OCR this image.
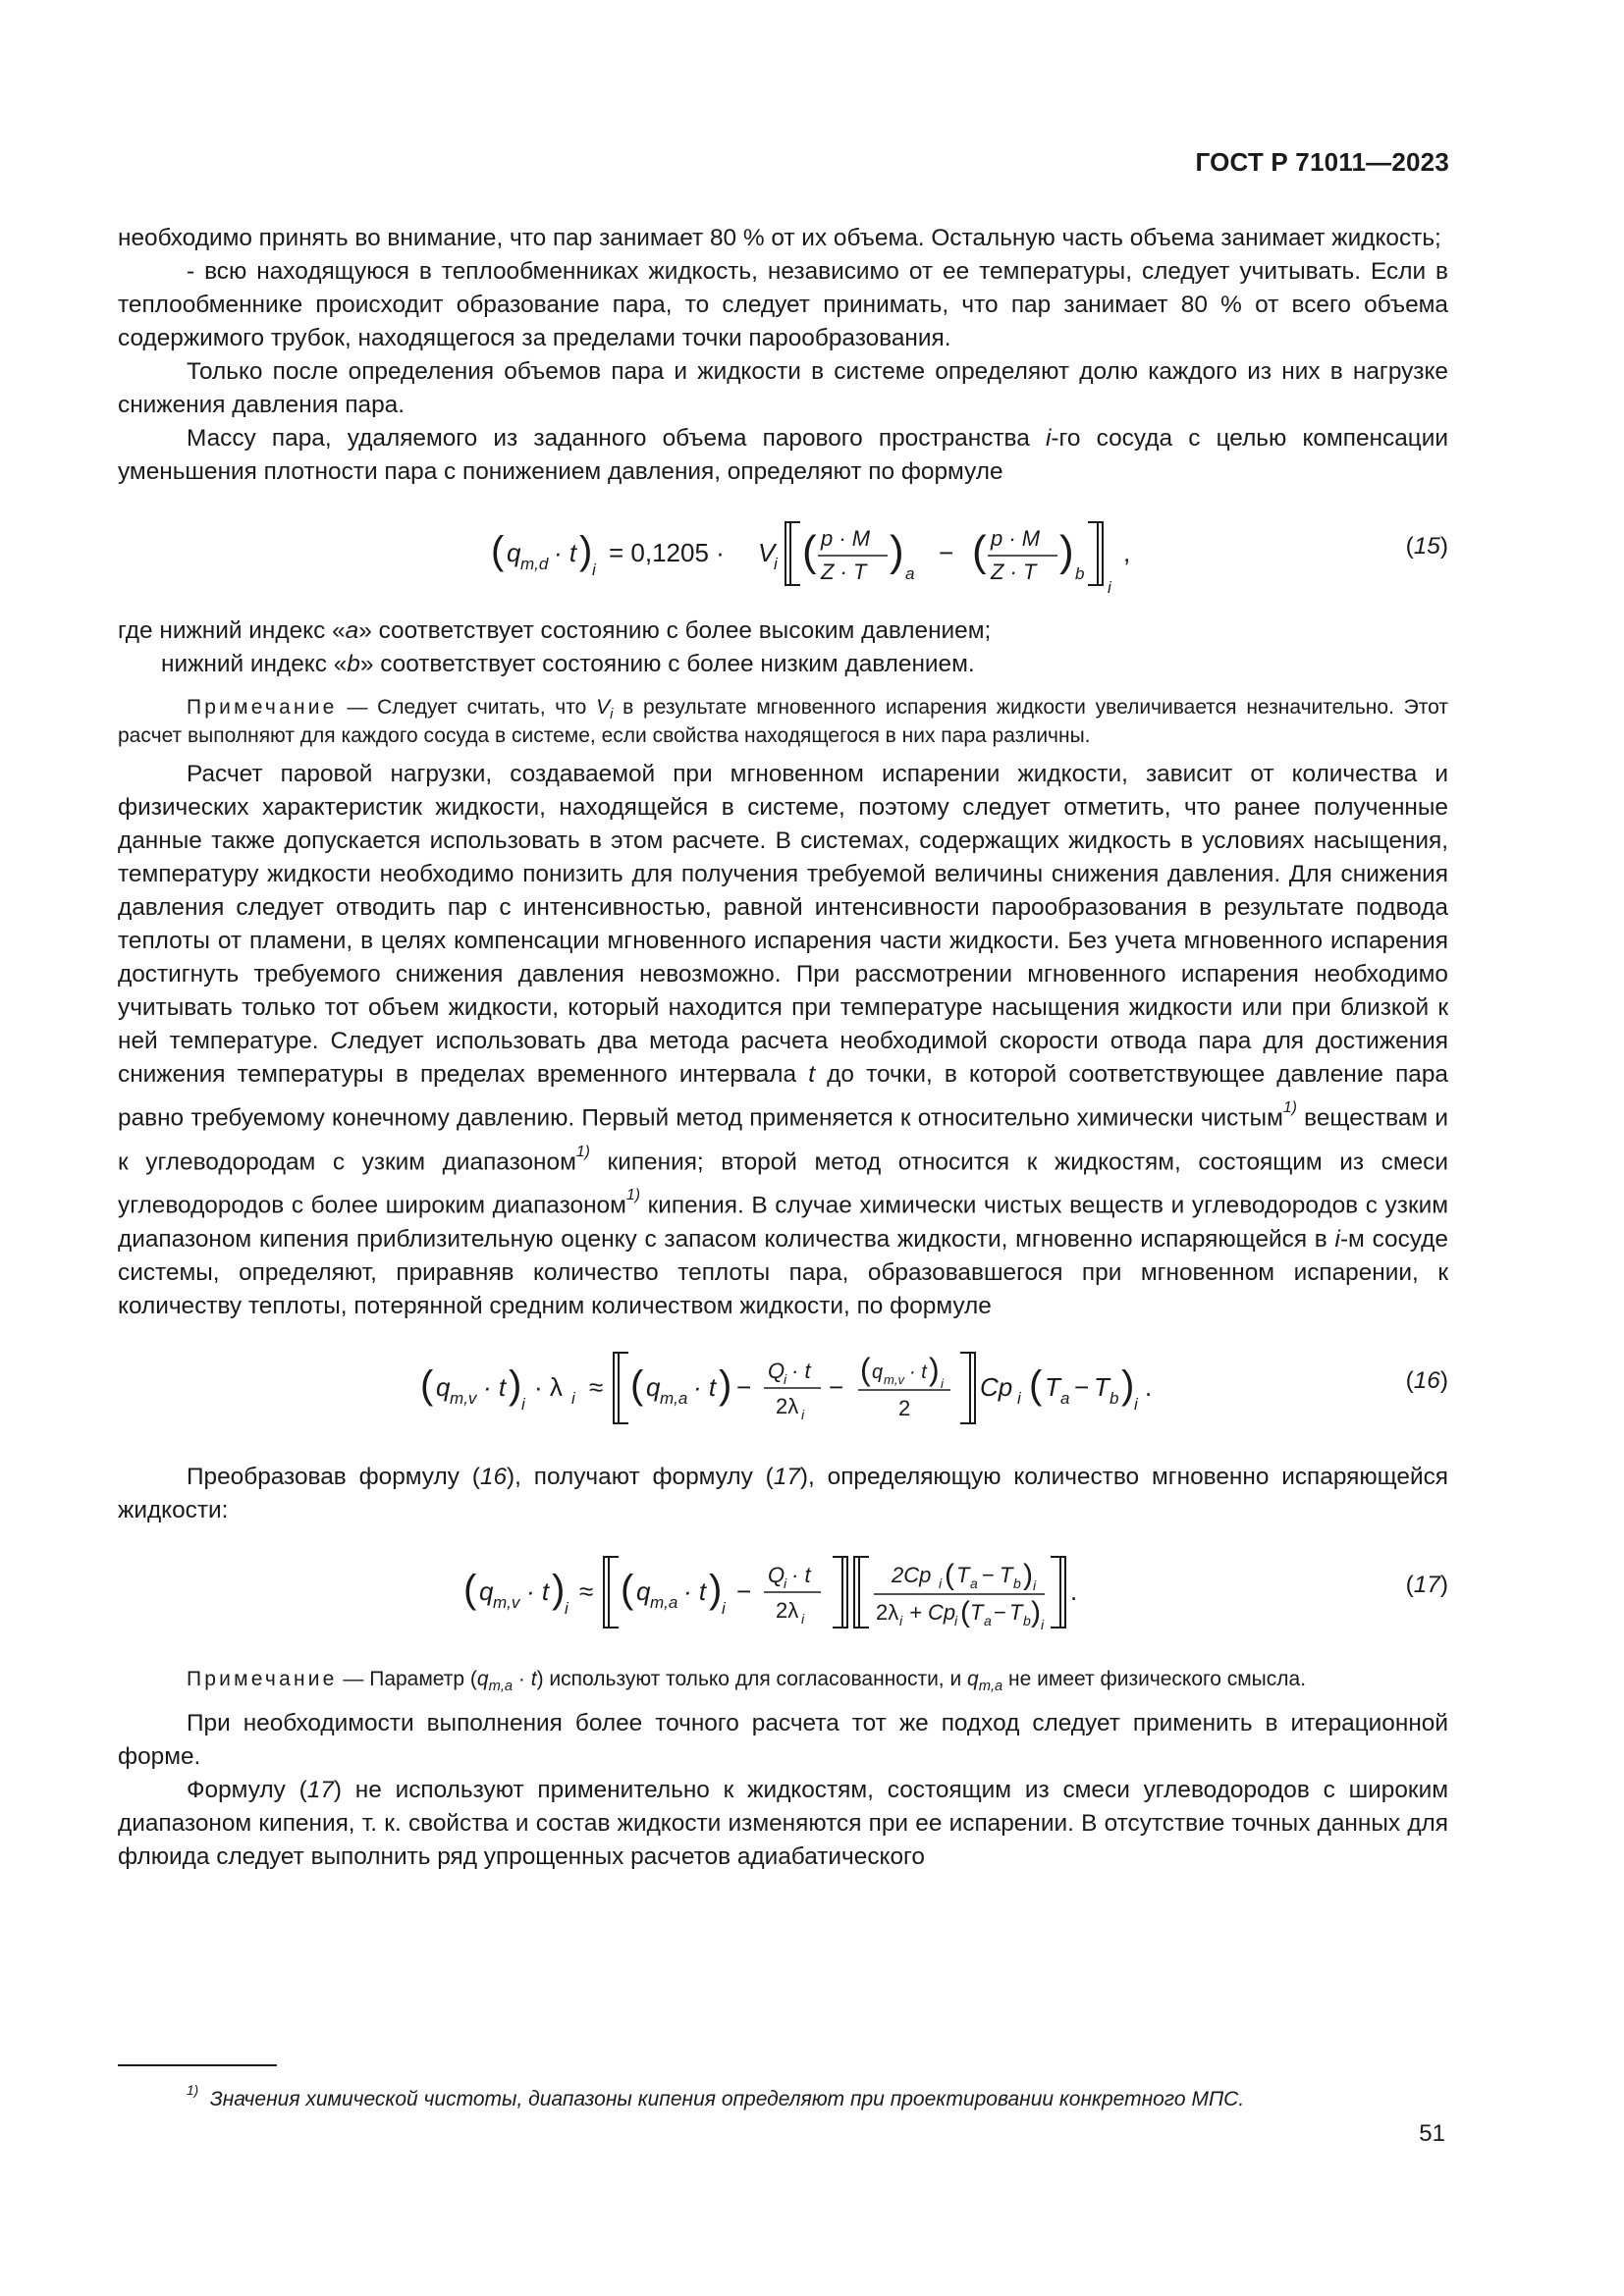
ГОСТ Р 71011—2023

необходимо принять во внимание, что пар занимает 80 % от их объема. Остальную часть объема занимает жидкость;

- всю находящуюся в теплообменниках жидкость, независимо от ее температуры, следует учитывать. Если в теплообменнике происходит образование пара, то следует принимать, что пар занимает 80 % от всего объема содержимого трубок, находящегося за пределами точки парообразования.

Только после определения объемов пара и жидкости в системе определяют долю каждого из них в нагрузке снижения давления пара.

Массу пара, удаляемого из заданного объема парового пространства i-го сосуда с целью компенсации уменьшения плотности пара с понижением давления, определяют по формуле

( q m,d · t ) i
= 0,1205 · V
i ( p · M
Z · T ) a
− ( p · M
Z · T ) b
i
,	(15)

где нижний индекс «a» соответствует состоянию с более высоким давлением;

нижний индекс «b» соответствует состоянию с более низким давлением.

Примечание — Следует считать, что $V_i$ в результате мгновенного испарения жидкости увеличивается незначительно. Этот расчет выполняют для каждого сосуда в системе, если свойства находящегося в них пара различны.

Расчет паровой нагрузки, создаваемой при мгновенном испарении жидкости, зависит от количества и физических характеристик жидкости, находящейся в системе, поэтому следует отметить, что ранее полученные данные также допускается использовать в этом расчете. В системах, содержащих жидкость в условиях насыщения, температуру жидкости необходимо понизить для получения требуемой величины снижения давления. Для снижения давления следует отводить пар с интенсивностью, равной интенсивности парообразования в результате подвода теплоты от пламени, в целях компенсации мгновенного испарения части жидкости. Без учета мгновенного испарения достигнуть требуемого снижения давления невозможно. При рассмотрении мгновенного испарения необходимо учитывать только тот объем жидкости, который находится при температуре насыщения жидкости или при близкой к ней температуре. Следует использовать два метода расчета необходимой скорости отвода пара для достижения снижения температуры в пределах временного интервала t до точки, в которой соответствующее давление пара равно требуемому конечному давлению. Первый метод применяется к относительно химически чистым$^{1)}$ веществам и к углеводородам с узким диапазоном$^{1)}$ кипения; второй метод относится к жидкостям, состоящим из смеси углеводородов с более широким диапазоном$^{1)}$ кипения. В случае химически чистых веществ и углеводородов с узким диапазоном кипения приблизительную оценку с запасом количества жидкости, мгновенно испаряющейся в i-м сосуде системы, определяют, приравняв количество теплоты пара, образовавшегося при мгновенном испарении, к количеству теплоты, потерянной средним количеством жидкости, по формуле

( q m,v · t ) i
· λ i ≈ ( q m,a · t ) −
Q
i · t
2λ i
− ( q m,v · t ) i
2
Cp i ( T a − T b ) i
.	(16)

Преобразовав формулу (16), получают формулу (17), определяющую количество мгновенно испаряющейся жидкости:

( q m,v · t ) i
≈ ( q m,a · t ) i
−
Q
i · t
2λ i
2Cp i ( T a − T b ) i
2λ i + Cp
i ( T a − T b ) i
.	(17)

Примечание — Параметр $(q_{m,a} \cdot t)$ используют только для согласованности, и $q_{m,a}$ не имеет физического смысла.

При необходимости выполнения более точного расчета тот же подход следует применить в итерационной форме.

Формулу (17) не используют применительно к жидкостям, состоящим из смеси углеводородов с широким диапазоном кипения, т. к. свойства и состав жидкости изменяются при ее испарении. В отсутствие точных данных для флюида следует выполнить ряд упрощенных расчетов адиабатического

$^{1)}$ Значения химической чистоты, диапазоны кипения определяют при проектировании конкретного МПС.
51
